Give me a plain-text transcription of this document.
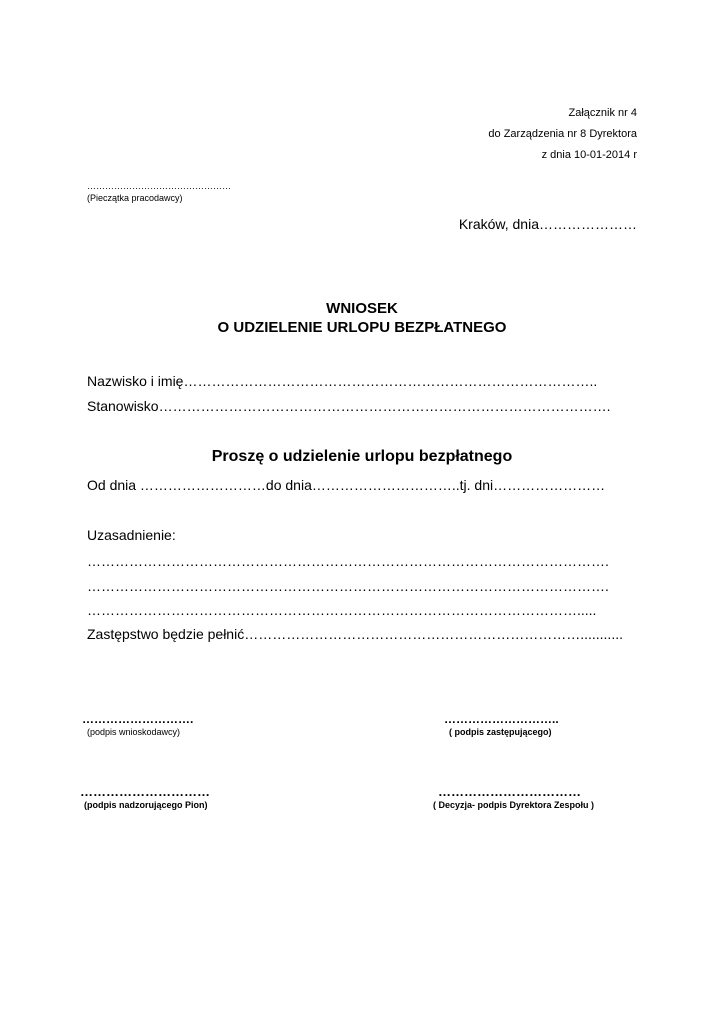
Załącznik nr 4
do Zarządzenia nr 8 Dyrektora
z dnia 10-01-2014 r
…………………………………………
(Pieczątka pracodawcy)
Kraków, dnia…………………
WNIOSEK
O UDZIELENIE URLOPU BEZPŁATNEGO
Nazwisko i imię……………………………………………………………………………..
Stanowisko…………………………………………………………………………………….
Proszę o udzielenie urlopu bezpłatnego
Od dnia ………………………do dnia…………………………..tj. dni……………………
Uzasadnienie:
………………………………………………………………………………………………….
………………………………………………………………………………………………….
…………………………………………………………………………………………….....
Zastępstwo będzie pełnić………………………………………………………………...........
……………………….
(podpis wnioskodawcy)
………………………..
( podpis zastępującego)
…………………………
(podpis nadzorującego Pion)
……………………………
( Decyzja- podpis Dyrektora Zespołu )
